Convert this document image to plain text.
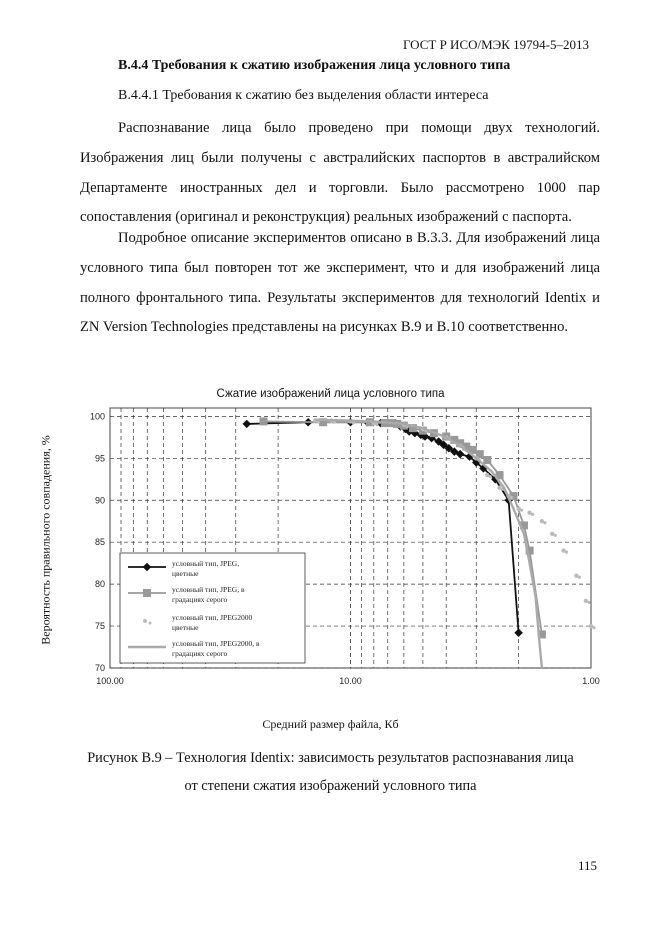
ГОСТ Р ИСО/МЭК 19794-5–2013
В.4.4 Требования к сжатию изображения лица условного типа
В.4.4.1 Требования к сжатию без выделения области интереса

Распознавание лица было проведено при помощи двух технологий. Изображения лиц были получены с австралийских паспортов в австралийском Департаменте иностранных дел и торговли. Было рассмотрено 1000 пар сопоставления (оригинал и реконструкция) реальных изображений с паспорта.

Подробное описание экспериментов описано в В.3.3. Для изображений лица условного типа был повторен тот же эксперимент, что и для изображений лица полного фронтального типа. Результаты экспериментов для технологий Identix и ZN Version Technologies представлены на рисунках В.9 и В.10 соответственно.

Сжатие изображений лица условного типа
Вероятность правильного совпадения, %
Средний размер файла, Кб
100
95
90
85
80
75
70
100.00	10.00	1.00
условный тип, JPEG,
цветные
условный тип, JPEG, в
градациях серого
условный тип, JPEG2000
цветные
условный тип, JPEG2000, в
градациях серого
Рисунок В.9 – Технология Identix: зависимость результатов распознавания лица
от степени сжатия изображений условного типа
115
